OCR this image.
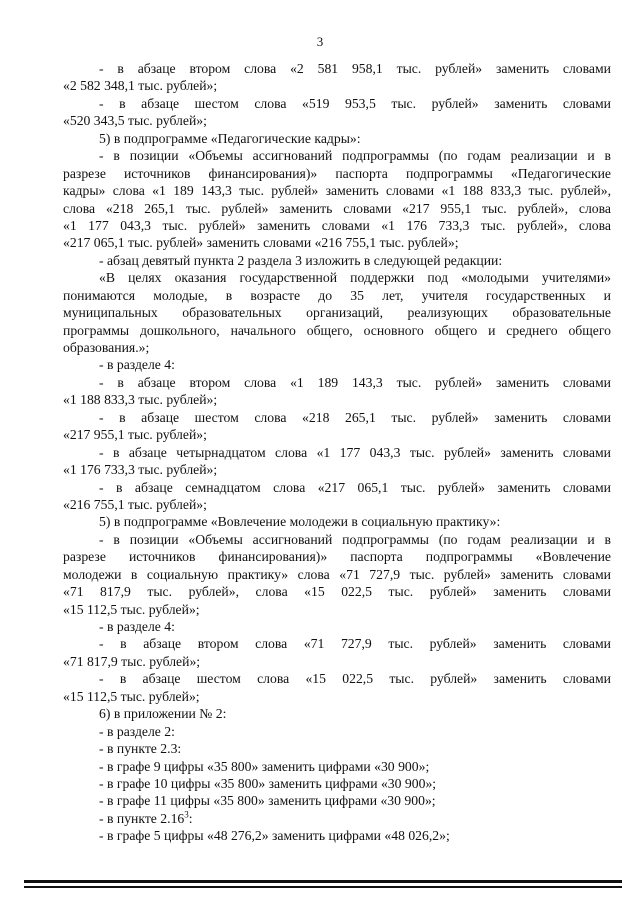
3
- в абзаце втором слова «2 581 958,1 тыс. рублей» заменить словами
«2 582 348,1 тыс. рублей»;
- в абзаце шестом слова «519 953,5 тыс. рублей» заменить словами
«520 343,5 тыс. рублей»;
5) в подпрограмме «Педагогические кадры»:
- в позиции «Объемы ассигнований подпрограммы (по годам реализации и в
разрезе источников финансирования)» паспорта подпрограммы «Педагогические
кадры» слова «1 189 143,3 тыс. рублей» заменить словами «1 188 833,3 тыс. рублей»,
слова «218 265,1 тыс. рублей» заменить словами «217 955,1 тыс. рублей», слова
«1 177 043,3 тыс. рублей» заменить словами «1 176 733,3 тыс. рублей», слова
«217 065,1 тыс. рублей» заменить словами «216 755,1 тыс. рублей»;
- абзац девятый пункта 2 раздела 3 изложить в следующей редакции:
«В целях оказания государственной поддержки под «молодыми учителями»
понимаются молодые, в возрасте до 35 лет, учителя государственных и
муниципальных образовательных организаций, реализующих образовательные
программы дошкольного, начального общего, основного общего и среднего общего
образования.»;
- в разделе 4:
- в абзаце втором слова «1 189 143,3 тыс. рублей» заменить словами
«1 188 833,3 тыс. рублей»;
- в абзаце шестом слова «218 265,1 тыс. рублей» заменить словами
«217 955,1 тыс. рублей»;
- в абзаце четырнадцатом слова «1 177 043,3 тыс. рублей» заменить словами
«1 176 733,3 тыс. рублей»;
- в абзаце семнадцатом слова «217 065,1 тыс. рублей» заменить словами
«216 755,1 тыс. рублей»;
5) в подпрограмме «Вовлечение молодежи в социальную практику»:
- в позиции «Объемы ассигнований подпрограммы (по годам реализации и в
разрезе источников финансирования)» паспорта подпрограммы «Вовлечение
молодежи в социальную практику» слова «71 727,9 тыс. рублей» заменить словами
«71 817,9 тыс. рублей», слова «15 022,5 тыс. рублей» заменить словами
«15 112,5 тыс. рублей»;
- в разделе 4:
- в абзаце втором слова «71 727,9 тыс. рублей» заменить словами
«71 817,9 тыс. рублей»;
- в абзаце шестом слова «15 022,5 тыс. рублей» заменить словами
«15 112,5 тыс. рублей»;
6) в приложении № 2:
- в разделе 2:
- в пункте 2.3:
- в графе 9 цифры «35 800» заменить цифрами «30 900»;
- в графе 10 цифры «35 800» заменить цифрами «30 900»;
- в графе 11 цифры «35 800» заменить цифрами «30 900»;
- в пункте 2.16$^3$:
- в графе 5 цифры «48 276,2» заменить цифрами «48 026,2»;
